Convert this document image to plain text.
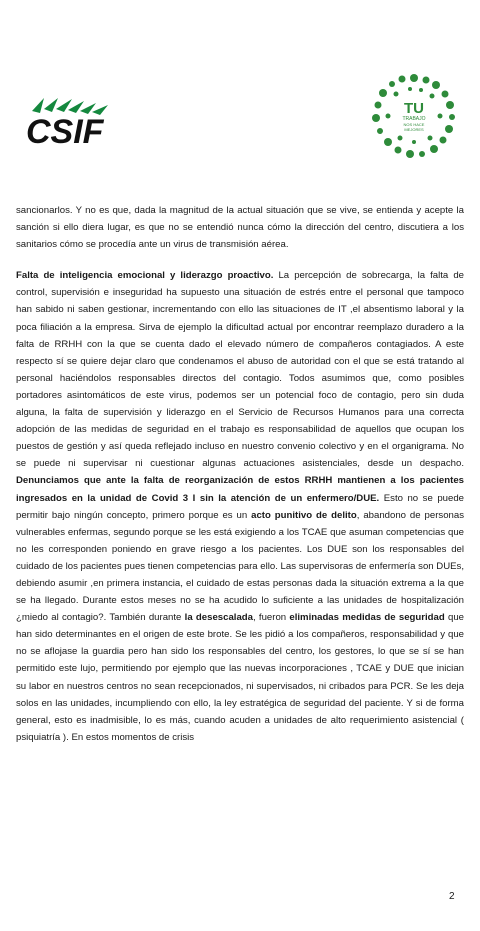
CSIF
TU
TRABAJO
NOS HACE
MEJORES

sancionarlos. Y no es que, dada la magnitud de la actual situación que se vive, se entienda y acepte la sanción si ello diera lugar, es que no se entendió nunca cómo la dirección del centro, discutiera a los sanitarios cómo se procedía ante un virus de transmisión aérea.

Falta de inteligencia emocional y liderazgo proactivo. La percepción de sobrecarga, la falta de control, supervisión e inseguridad ha supuesto una situación de estrés entre el personal que tampoco han sabido ni saben gestionar, incrementando con ello las situaciones de IT ,el absentismo laboral y la poca filiación a la empresa. Sirva de ejemplo la dificultad actual por encontrar reemplazo duradero a la falta de RRHH con la que se cuenta dado el elevado número de compañeros contagiados. A este respecto sí se quiere dejar claro que condenamos el abuso de autoridad con el que se está tratando al personal haciéndolos responsables directos del contagio. Todos asumimos que, como posibles portadores asintomáticos de este virus, podemos ser un potencial foco de contagio, pero sin duda alguna, la falta de supervisión y liderazgo en el Servicio de Recursos Humanos para una correcta adopción de las medidas de seguridad en el trabajo es responsabilidad de aquellos que ocupan los puestos de gestión y así queda reflejado incluso en nuestro convenio colectivo y en el organigrama. No se puede ni supervisar ni cuestionar algunas actuaciones asistenciales, desde un despacho. Denunciamos que ante la falta de reorganización de estos RRHH mantienen a los pacientes ingresados en la unidad de Covid 3 I sin la atención de un enfermero/DUE. Esto no se puede permitir bajo ningún concepto, primero porque es un acto punitivo de delito, abandono de personas vulnerables enfermas, segundo porque se les está exigiendo a los TCAE que asuman competencias que no les corresponden poniendo en grave riesgo a los pacientes. Los DUE son los responsables del cuidado de los pacientes pues tienen competencias para ello. Las supervisoras de enfermería son DUEs, debiendo asumir ,en primera instancia, el cuidado de estas personas dada la situación extrema a la que se ha llegado. Durante estos meses no se ha acudido lo suficiente a las unidades de hospitalización ¿miedo al contagio?. También durante la desescalada, fueron eliminadas medidas de seguridad que han sido determinantes en el origen de este brote. Se les pidió a los compañeros, responsabilidad y que no se aflojase la guardia pero han sido los responsables del centro, los gestores, lo que se sí se han permitido este lujo, permitiendo por ejemplo que las nuevas incorporaciones , TCAE y DUE que inician su labor en nuestros centros no sean recepcionados, ni supervisados, ni cribados para PCR. Se les deja solos en las unidades, incumpliendo con ello, la ley estratégica de seguridad del paciente. Y si de forma general, esto es inadmisible, lo es más, cuando acuden a unidades de alto requerimiento asistencial ( psiquiatría ). En estos momentos de crisis

2
